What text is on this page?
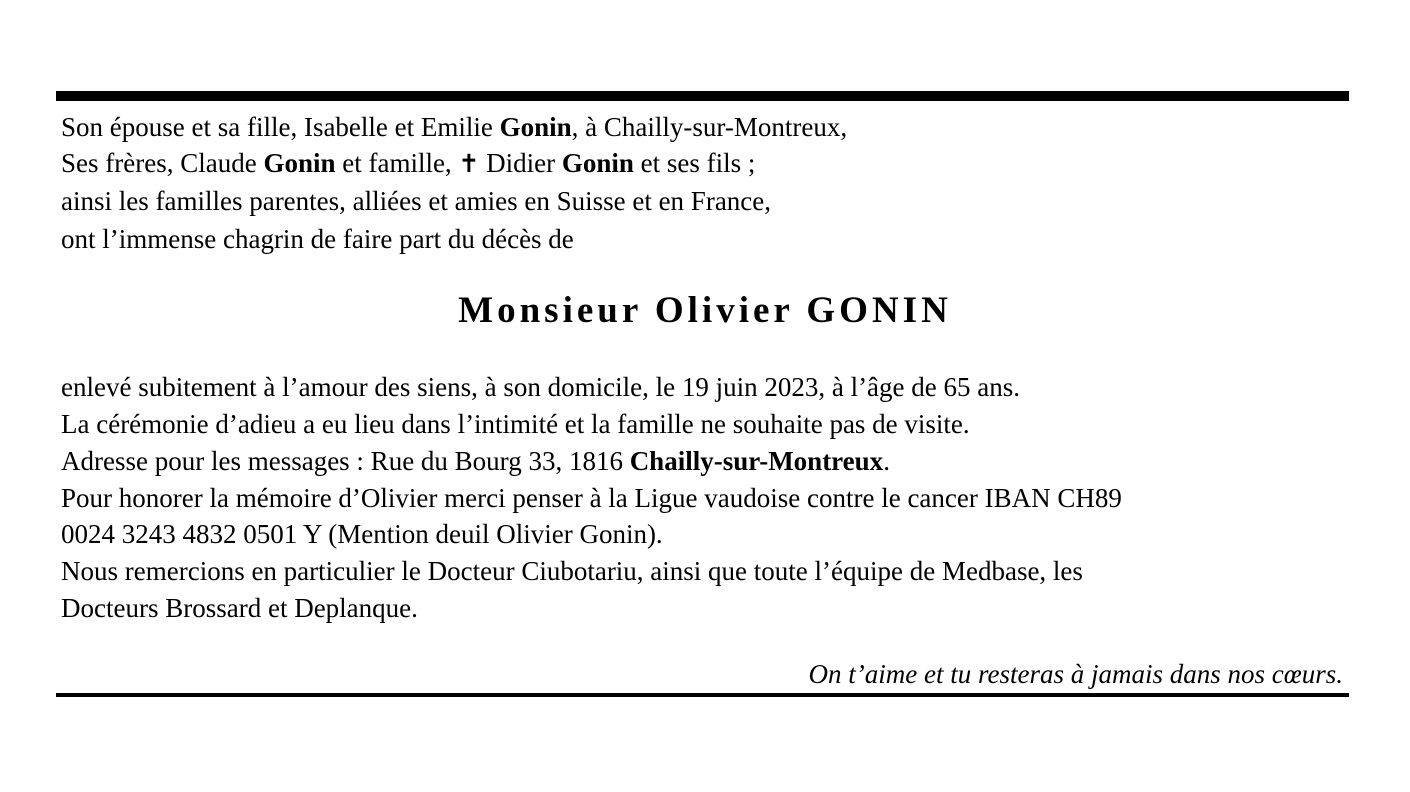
Son épouse et sa fille, Isabelle et Emilie Gonin, à Chailly-sur-Montreux,
Ses frères, Claude Gonin et famille, ✝ Didier Gonin et ses fils ;
ainsi les familles parentes, alliées et amies en Suisse et en France,
ont l’immense chagrin de faire part du décès de
Monsieur Olivier GONIN
enlevé subitement à l’amour des siens, à son domicile, le 19 juin 2023, à l’âge de 65 ans.
La cérémonie d’adieu a eu lieu dans l’intimité et la famille ne souhaite pas de visite.
Adresse pour les messages : Rue du Bourg 33, 1816 Chailly-sur-Montreux.
Pour honorer la mémoire d’Olivier merci penser à la Ligue vaudoise contre le cancer IBAN CH89
0024 3243 4832 0501 Y (Mention deuil Olivier Gonin).
Nous remercions en particulier le Docteur Ciubotariu, ainsi que toute l’équipe de Medbase, les
Docteurs Brossard et Deplanque.
On t’aime et tu resteras à jamais dans nos cœurs.
